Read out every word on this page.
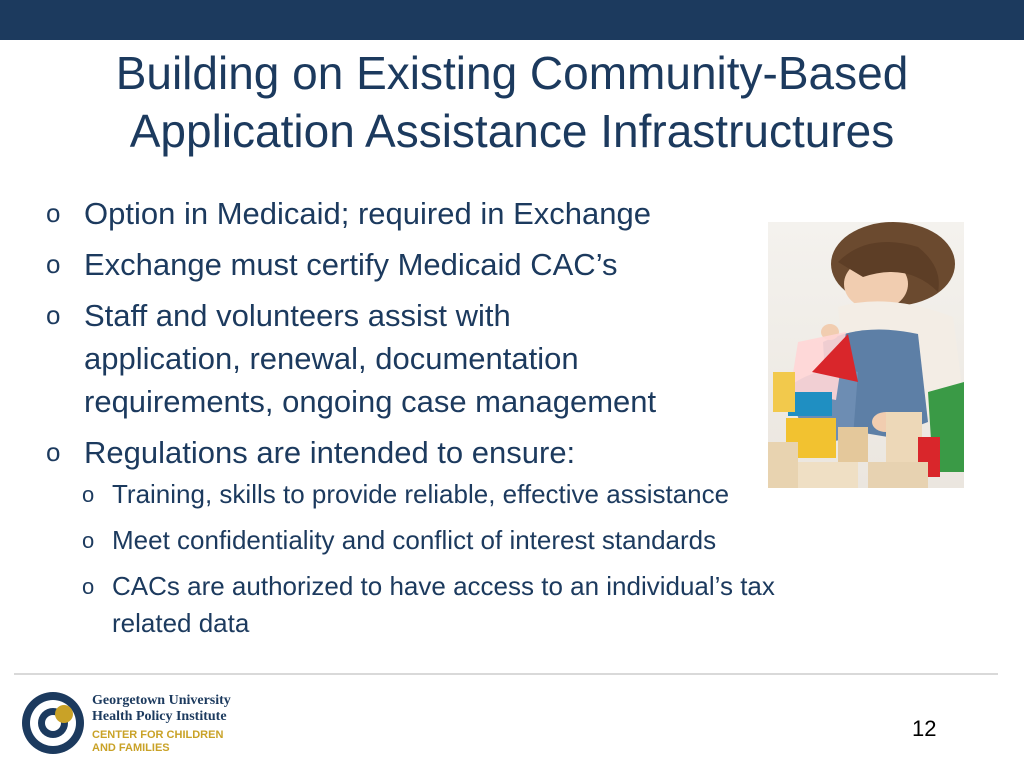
Building on Existing Community-Based
Application Assistance Infrastructures
o Option in Medicaid; required in Exchange
o Exchange must certify Medicaid CAC’s
o Staff and volunteers assist with
application, renewal, documentation
requirements, ongoing case management
o Regulations are intended to ensure:
o Training, skills to provide reliable, effective assistance
o Meet confidentiality and conflict of interest standards
o CACs are authorized to have access to an individual’s tax
related data
Georgetown University
Health Policy Institute
CENTER FOR CHILDREN
AND FAMILIES
12
